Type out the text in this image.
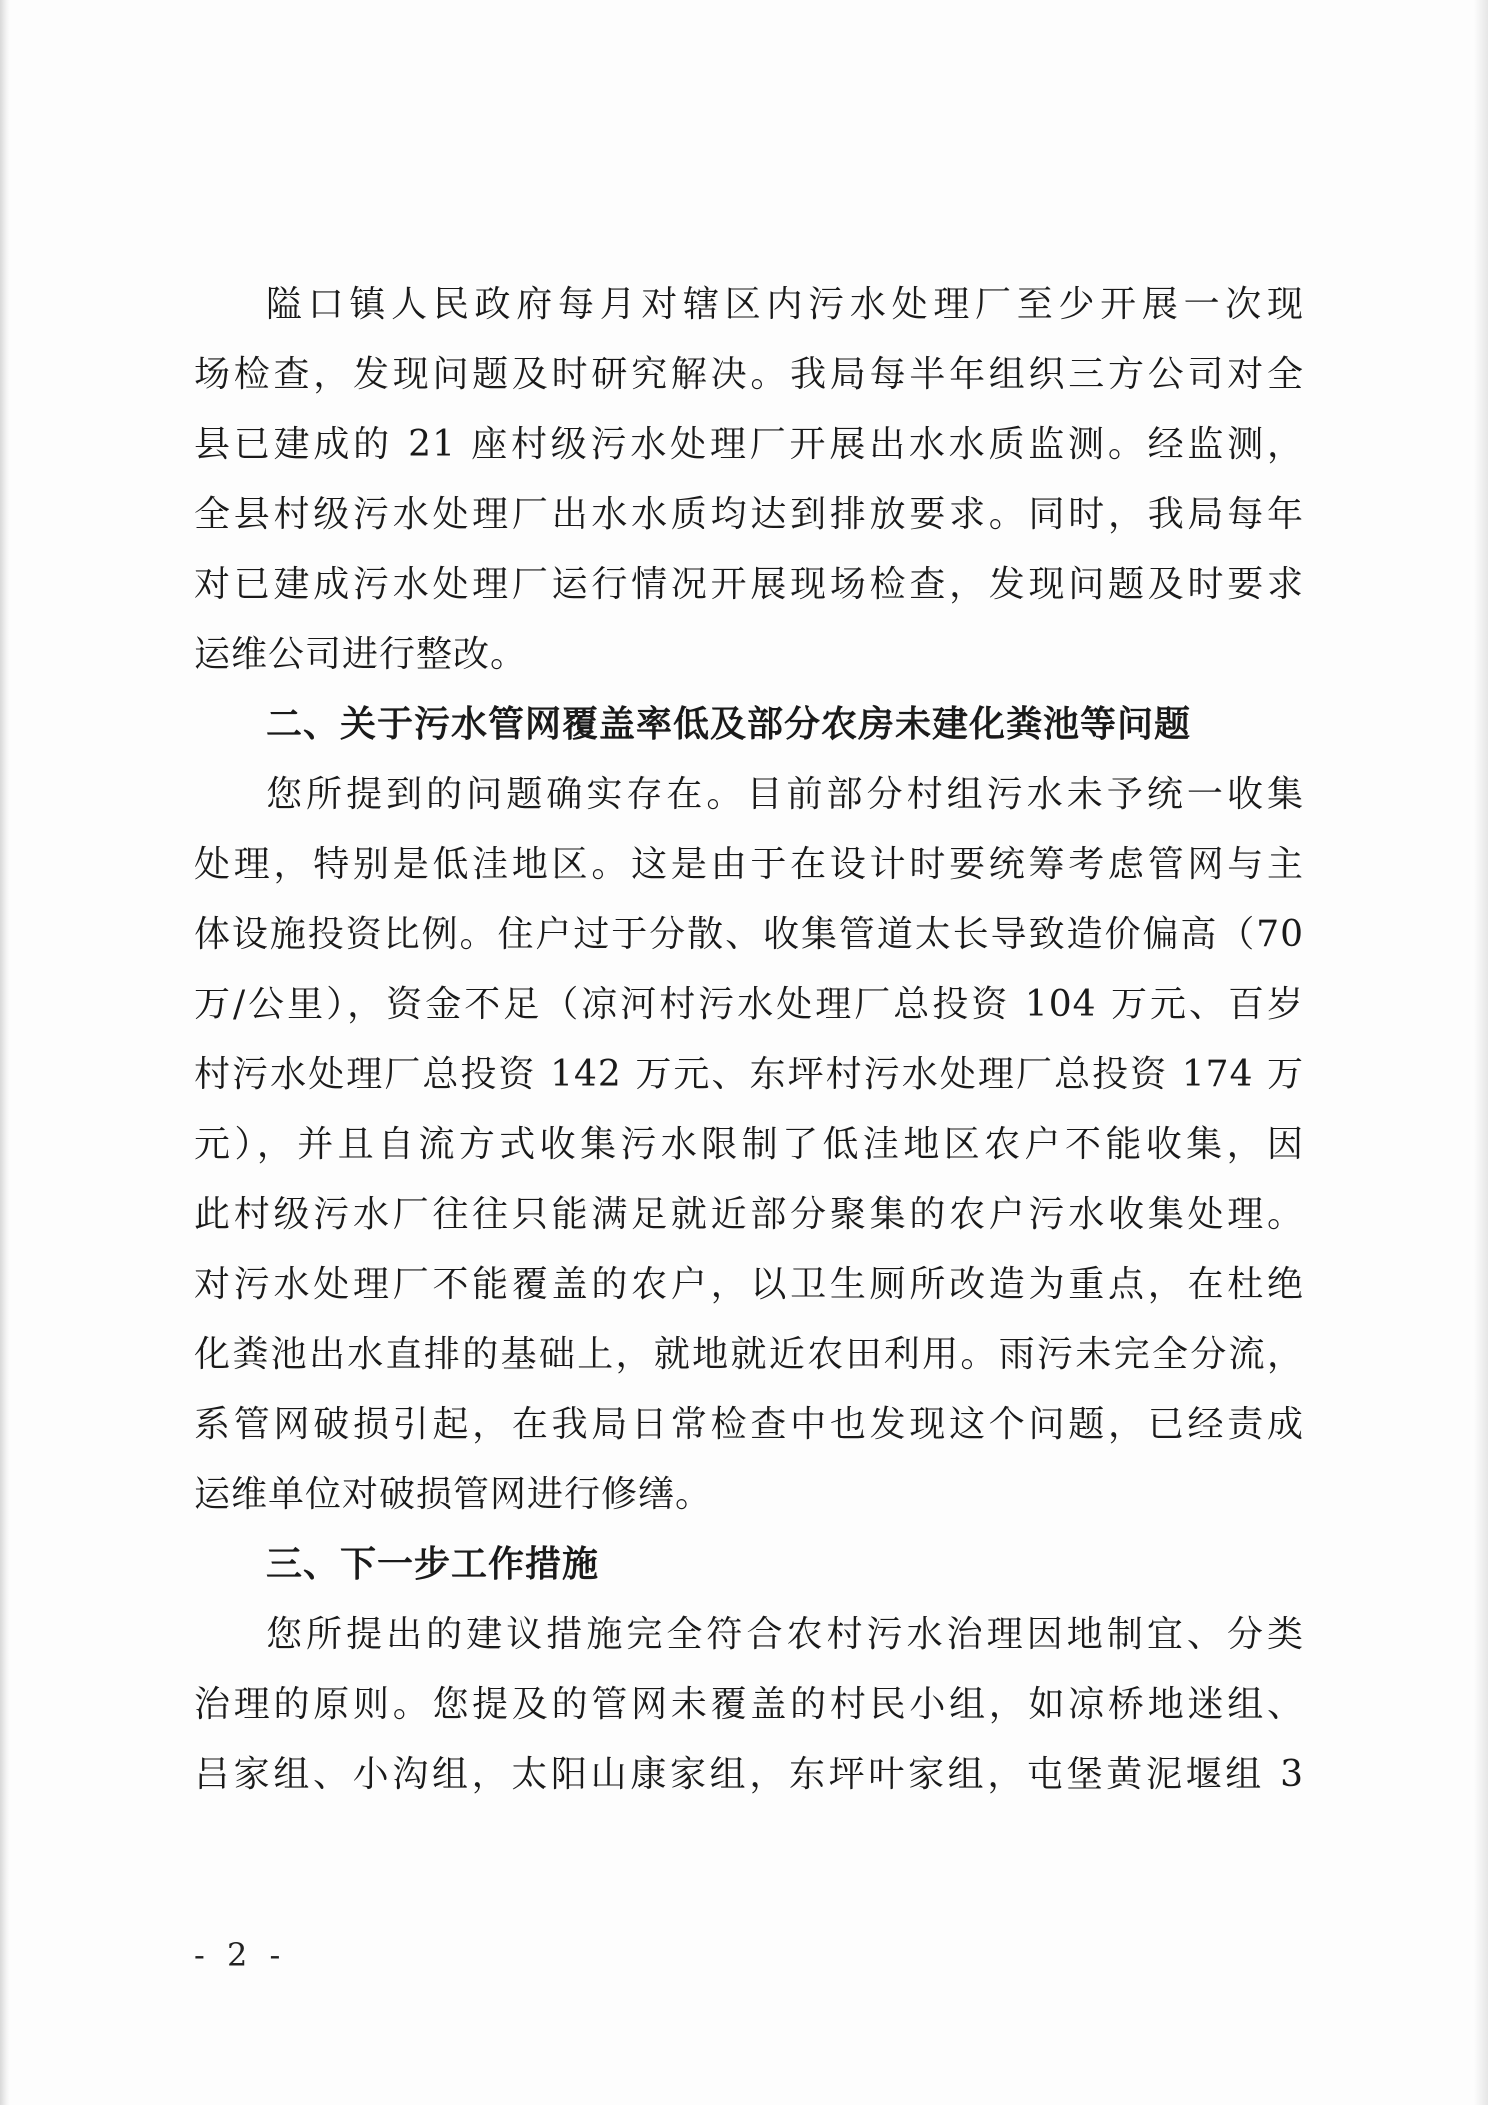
隘口镇人民政府每月对辖区内污水处理厂至少开展一次现
场检查，发现问题及时研究解决。我局每半年组织三方公司对全
县已建成的 21 座村级污水处理厂开展出水水质监测。经监测，
全县村级污水处理厂出水水质均达到排放要求。同时，我局每年
对已建成污水处理厂运行情况开展现场检查，发现问题及时要求
运维公司进行整改。
二、关于污水管网覆盖率低及部分农房未建化粪池等问题
您所提到的问题确实存在。目前部分村组污水未予统一收集
处理，特别是低洼地区。这是由于在设计时要统筹考虑管网与主
体设施投资比例。住户过于分散、收集管道太长导致造价偏高（70
万/公里），资金不足（凉河村污水处理厂总投资 104 万元、百岁
村污水处理厂总投资 142 万元、东坪村污水处理厂总投资 174 万
元），并且自流方式收集污水限制了低洼地区农户不能收集，因
此村级污水厂往往只能满足就近部分聚集的农户污水收集处理。
对污水处理厂不能覆盖的农户，以卫生厕所改造为重点，在杜绝
化粪池出水直排的基础上，就地就近农田利用。雨污未完全分流，
系管网破损引起，在我局日常检查中也发现这个问题，已经责成
运维单位对破损管网进行修缮。
三、下一步工作措施
您所提出的建议措施完全符合农村污水治理因地制宜、分类
治理的原则。您提及的管网未覆盖的村民小组，如凉桥地迷组、
吕家组、小沟组，太阳山康家组，东坪叶家组，屯堡黄泥堰组 3
- 2 -
